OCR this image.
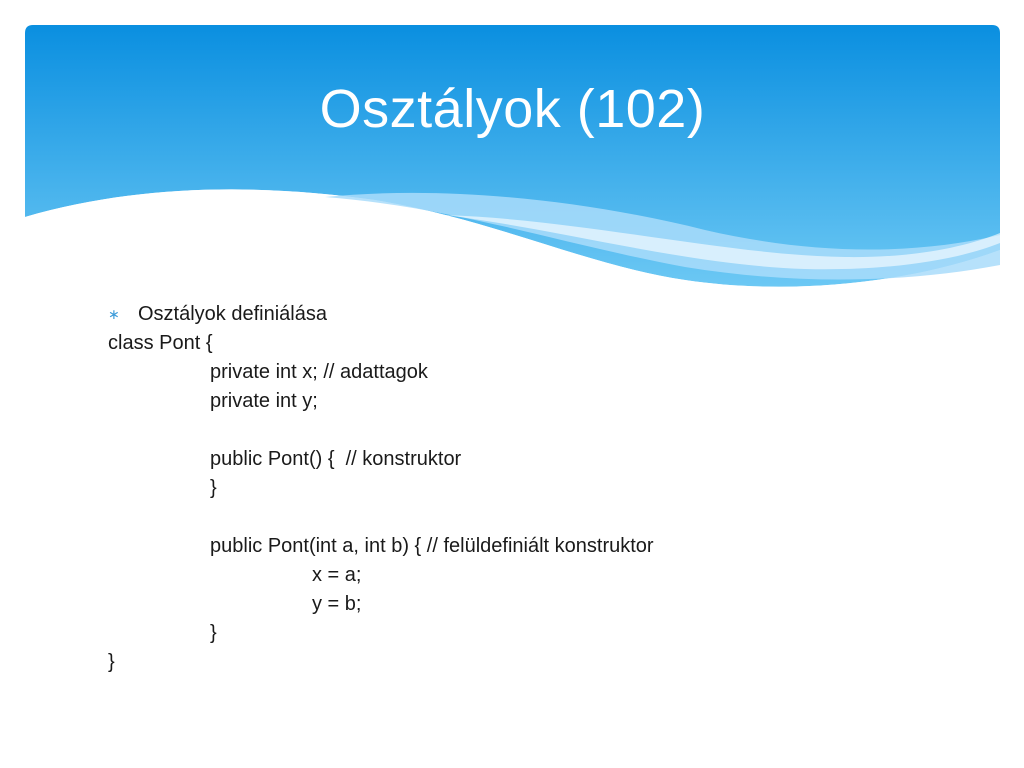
Osztályok (102)
∗ Osztályok definiálása
class Pont {
private int x; // adattagok
private int y;
public Pont() {  // konstruktor
}
public Pont(int a, int b) { // felüldefiniált konstruktor
x = a;
y = b;
}
}
